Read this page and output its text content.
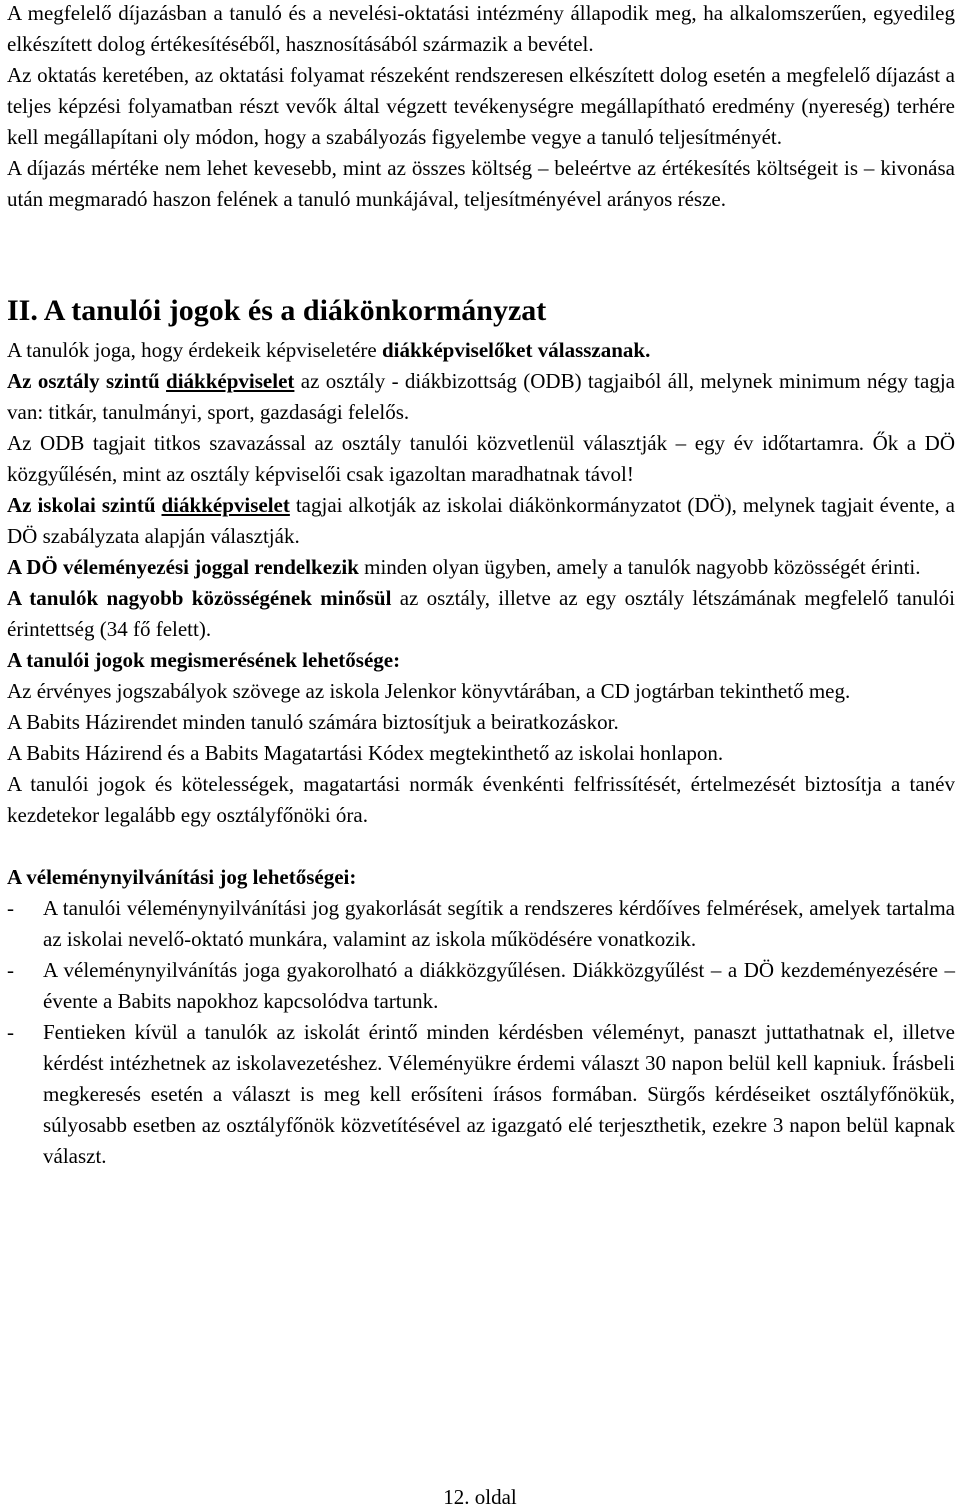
A megfelelő díjazásban a tanuló és a nevelési-oktatási intézmény állapodik meg, ha alkalomszerűen, egyedileg elkészített dolog értékesítéséből, hasznosításából származik a bevétel.

Az oktatás keretében, az oktatási folyamat részeként rendszeresen elkészített dolog esetén a megfelelő díjazást a teljes képzési folyamatban részt vevők által végzett tevékenységre megállapítható eredmény (nyereség) terhére kell megállapítani oly módon, hogy a szabályozás figyelembe vegye a tanuló teljesítményét.

A díjazás mértéke nem lehet kevesebb, mint az összes költség – beleértve az értékesítés költségeit is – kivonása után megmaradó haszon felének a tanuló munkájával, teljesítményével arányos része.

II. A tanulói jogok és a diákönkormányzat

A tanulók joga, hogy érdekeik képviseletére diákképviselőket válasszanak.

Az osztály szintű diákképviselet az osztály - diákbizottság (ODB) tagjaiból áll, melynek minimum négy tagja van: titkár, tanulmányi, sport, gazdasági felelős.

Az ODB tagjait titkos szavazással az osztály tanulói közvetlenül választják – egy év időtartamra. Ők a DÖ közgyűlésén, mint az osztály képviselői csak igazoltan maradhatnak távol!

Az iskolai szintű diákképviselet tagjai alkotják az iskolai diákönkormányzatot (DÖ), melynek tagjait évente, a DÖ szabályzata alapján választják.

A DÖ véleményezési joggal rendelkezik minden olyan ügyben, amely a tanulók nagyobb közösségét érinti.

A tanulók nagyobb közösségének minősül az osztály, illetve az egy osztály létszámának megfelelő tanulói érintettség (34 fő felett).

A tanulói jogok megismerésének lehetősége:

Az érvényes jogszabályok szövege az iskola Jelenkor könyvtárában, a CD jogtárban tekinthető meg.

A Babits Házirendet minden tanuló számára biztosítjuk a beiratkozáskor.

A Babits Házirend és a Babits Magatartási Kódex megtekinthető az iskolai honlapon.

A tanulói jogok és kötelességek, magatartási normák évenkénti felfrissítését, értelmezését biztosítja a tanév kezdetekor legalább egy osztályfőnöki óra.

A véleménynyilvánítási jog lehetőségei:

- A tanulói véleménynyilvánítási jog gyakorlását segítik a rendszeres kérdőíves felmérések, amelyek tartalma az iskolai nevelő-oktató munkára, valamint az iskola működésére vonatkozik.
- A véleménynyilvánítás joga gyakorolható a diákközgyűlésen. Diákközgyűlést – a DÖ kezdeményezésére – évente a Babits napokhoz kapcsolódva tartunk.
- Fentieken kívül a tanulók az iskolát érintő minden kérdésben véleményt, panaszt juttathatnak el, illetve kérdést intézhetnek az iskolavezetéshez. Véleményükre érdemi választ 30 napon belül kell kapniuk. Írásbeli megkeresés esetén a választ is meg kell erősíteni írásos formában. Sürgős kérdéseiket osztályfőnökük, súlyosabb esetben az osztályfőnök közvetítésével az igazgató elé terjeszthetik, ezekre 3 napon belül kapnak választ.
12. oldal
